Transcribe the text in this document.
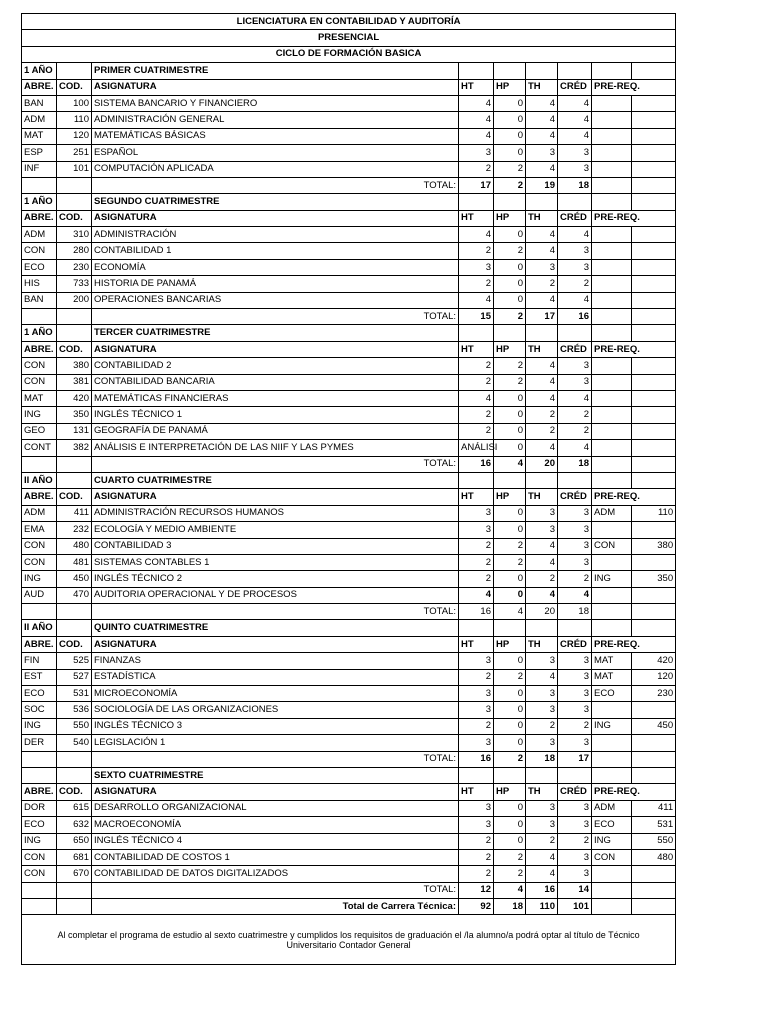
LICENCIATURA EN CONTABILIDAD Y AUDITORÍA								
PRESENCIAL								
CICLO DE FORMACIÓN BASICA								
1 AÑO		PRIMER CUATRIMESTRE						
ABRE.	COD.	ASIGNATURA	HT	HP	TH	CRÉD	PRE-REQ.	
BAN	100	SISTEMA BANCARIO Y FINANCIERO	4	0	4	4		
ADM	110	ADMINISTRACIÓN GENERAL	4	0	4	4		
MAT	120	MATEMÁTICAS BÁSICAS	4	0	4	4		
ESP	251	ESPAÑOL	3	0	3	3		
INF	101	COMPUTACIÓN APLICADA	2	2	4	3		
		TOTAL:	17	2	19	18		
1 AÑO		SEGUNDO CUATRIMESTRE						
ABRE.	COD.	ASIGNATURA	HT	HP	TH	CRÉD	PRE-REQ.	
ADM	310	ADMINISTRACIÓN	4	0	4	4		
CON	280	CONTABILIDAD 1	2	2	4	3		
ECO	230	ECONOMÍA	3	0	3	3		
HIS	733	HISTORIA DE PANAMÁ	2	0	2	2		
BAN	200	OPERACIONES BANCARIAS	4	0	4	4		
		TOTAL:	15	2	17	16		
1 AÑO		TERCER CUATRIMESTRE						
ABRE.	COD.	ASIGNATURA	HT	HP	TH	CRÉD	PRE-REQ.	
CON	380	CONTABILIDAD 2	2	2	4	3		
CON	381	CONTABILIDAD BANCARIA	2	2	4	3		
MAT	420	MATEMÁTICAS FINANCIERAS	4	0	4	4		
ING	350	INGLÉS TÉCNICO 1	2	0	2	2		
GEO	131	GEOGRAFÍA DE PANAMÁ	2	0	2	2		
CONT	382	ANÁLISIS E INTERPRETACIÓN DE LAS NIIF Y LAS PYMES	ANÁLISI	0	4	4		
		TOTAL:	16	4	20	18		
II AÑO		CUARTO CUATRIMESTRE						
ABRE.	COD.	ASIGNATURA	HT	HP	TH	CRÉD	PRE-REQ.	
ADM	411	ADMINISTRACIÓN RECURSOS HUMANOS	3	0	3	3	ADM	110
EMA	232	ECOLOGÍA Y MEDIO AMBIENTE	3	0	3	3		
CON	480	CONTABILIDAD 3	2	2	4	3	CON	380
CON	481	SISTEMAS CONTABLES 1	2	2	4	3		
ING	450	INGLÉS TÉCNICO 2	2	0	2	2	ING	350
AUD	470	AUDITORIA OPERACIONAL Y DE PROCESOS	4	0	4	4		
		TOTAL:	16	4	20	18		
II AÑO		QUINTO CUATRIMESTRE						
ABRE.	COD.	ASIGNATURA	HT	HP	TH	CRÉD	PRE-REQ.	
FIN	525	FINANZAS	3	0	3	3	MAT	420
EST	527	ESTADÍSTICA	2	2	4	3	MAT	120
ECO	531	MICROECONOMÍA	3	0	3	3	ECO	230
SOC	536	SOCIOLOGÍA DE LAS ORGANIZACIONES	3	0	3	3		
ING	550	INGLÉS TÉCNICO 3	2	0	2	2	ING	450
DER	540	LEGISLACIÓN 1	3	0	3	3		
		TOTAL:	16	2	18	17		
		SEXTO CUATRIMESTRE						
ABRE.	COD.	ASIGNATURA	HT	HP	TH	CRÉD	PRE-REQ.	
DOR	615	DESARROLLO ORGANIZACIONAL	3	0	3	3	ADM	411
ECO	632	MACROECONOMÍA	3	0	3	3	ECO	531
ING	650	INGLÉS TÉCNICO 4	2	0	2	2	ING	550
CON	681	CONTABILIDAD DE COSTOS 1	2	2	4	3	CON	480
CON	670	CONTABILIDAD DE DATOS DIGITALIZADOS	2	2	4	3		
		TOTAL:	12	4	16	14		
		Total de Carrera Técnica:	92	18	110	101		
Al completar el programa de estudio al sexto cuatrimestre y cumplidos los requisitos de graduación el /la alumno/a podrá optar al título de Técnico Universitario Contador General								
